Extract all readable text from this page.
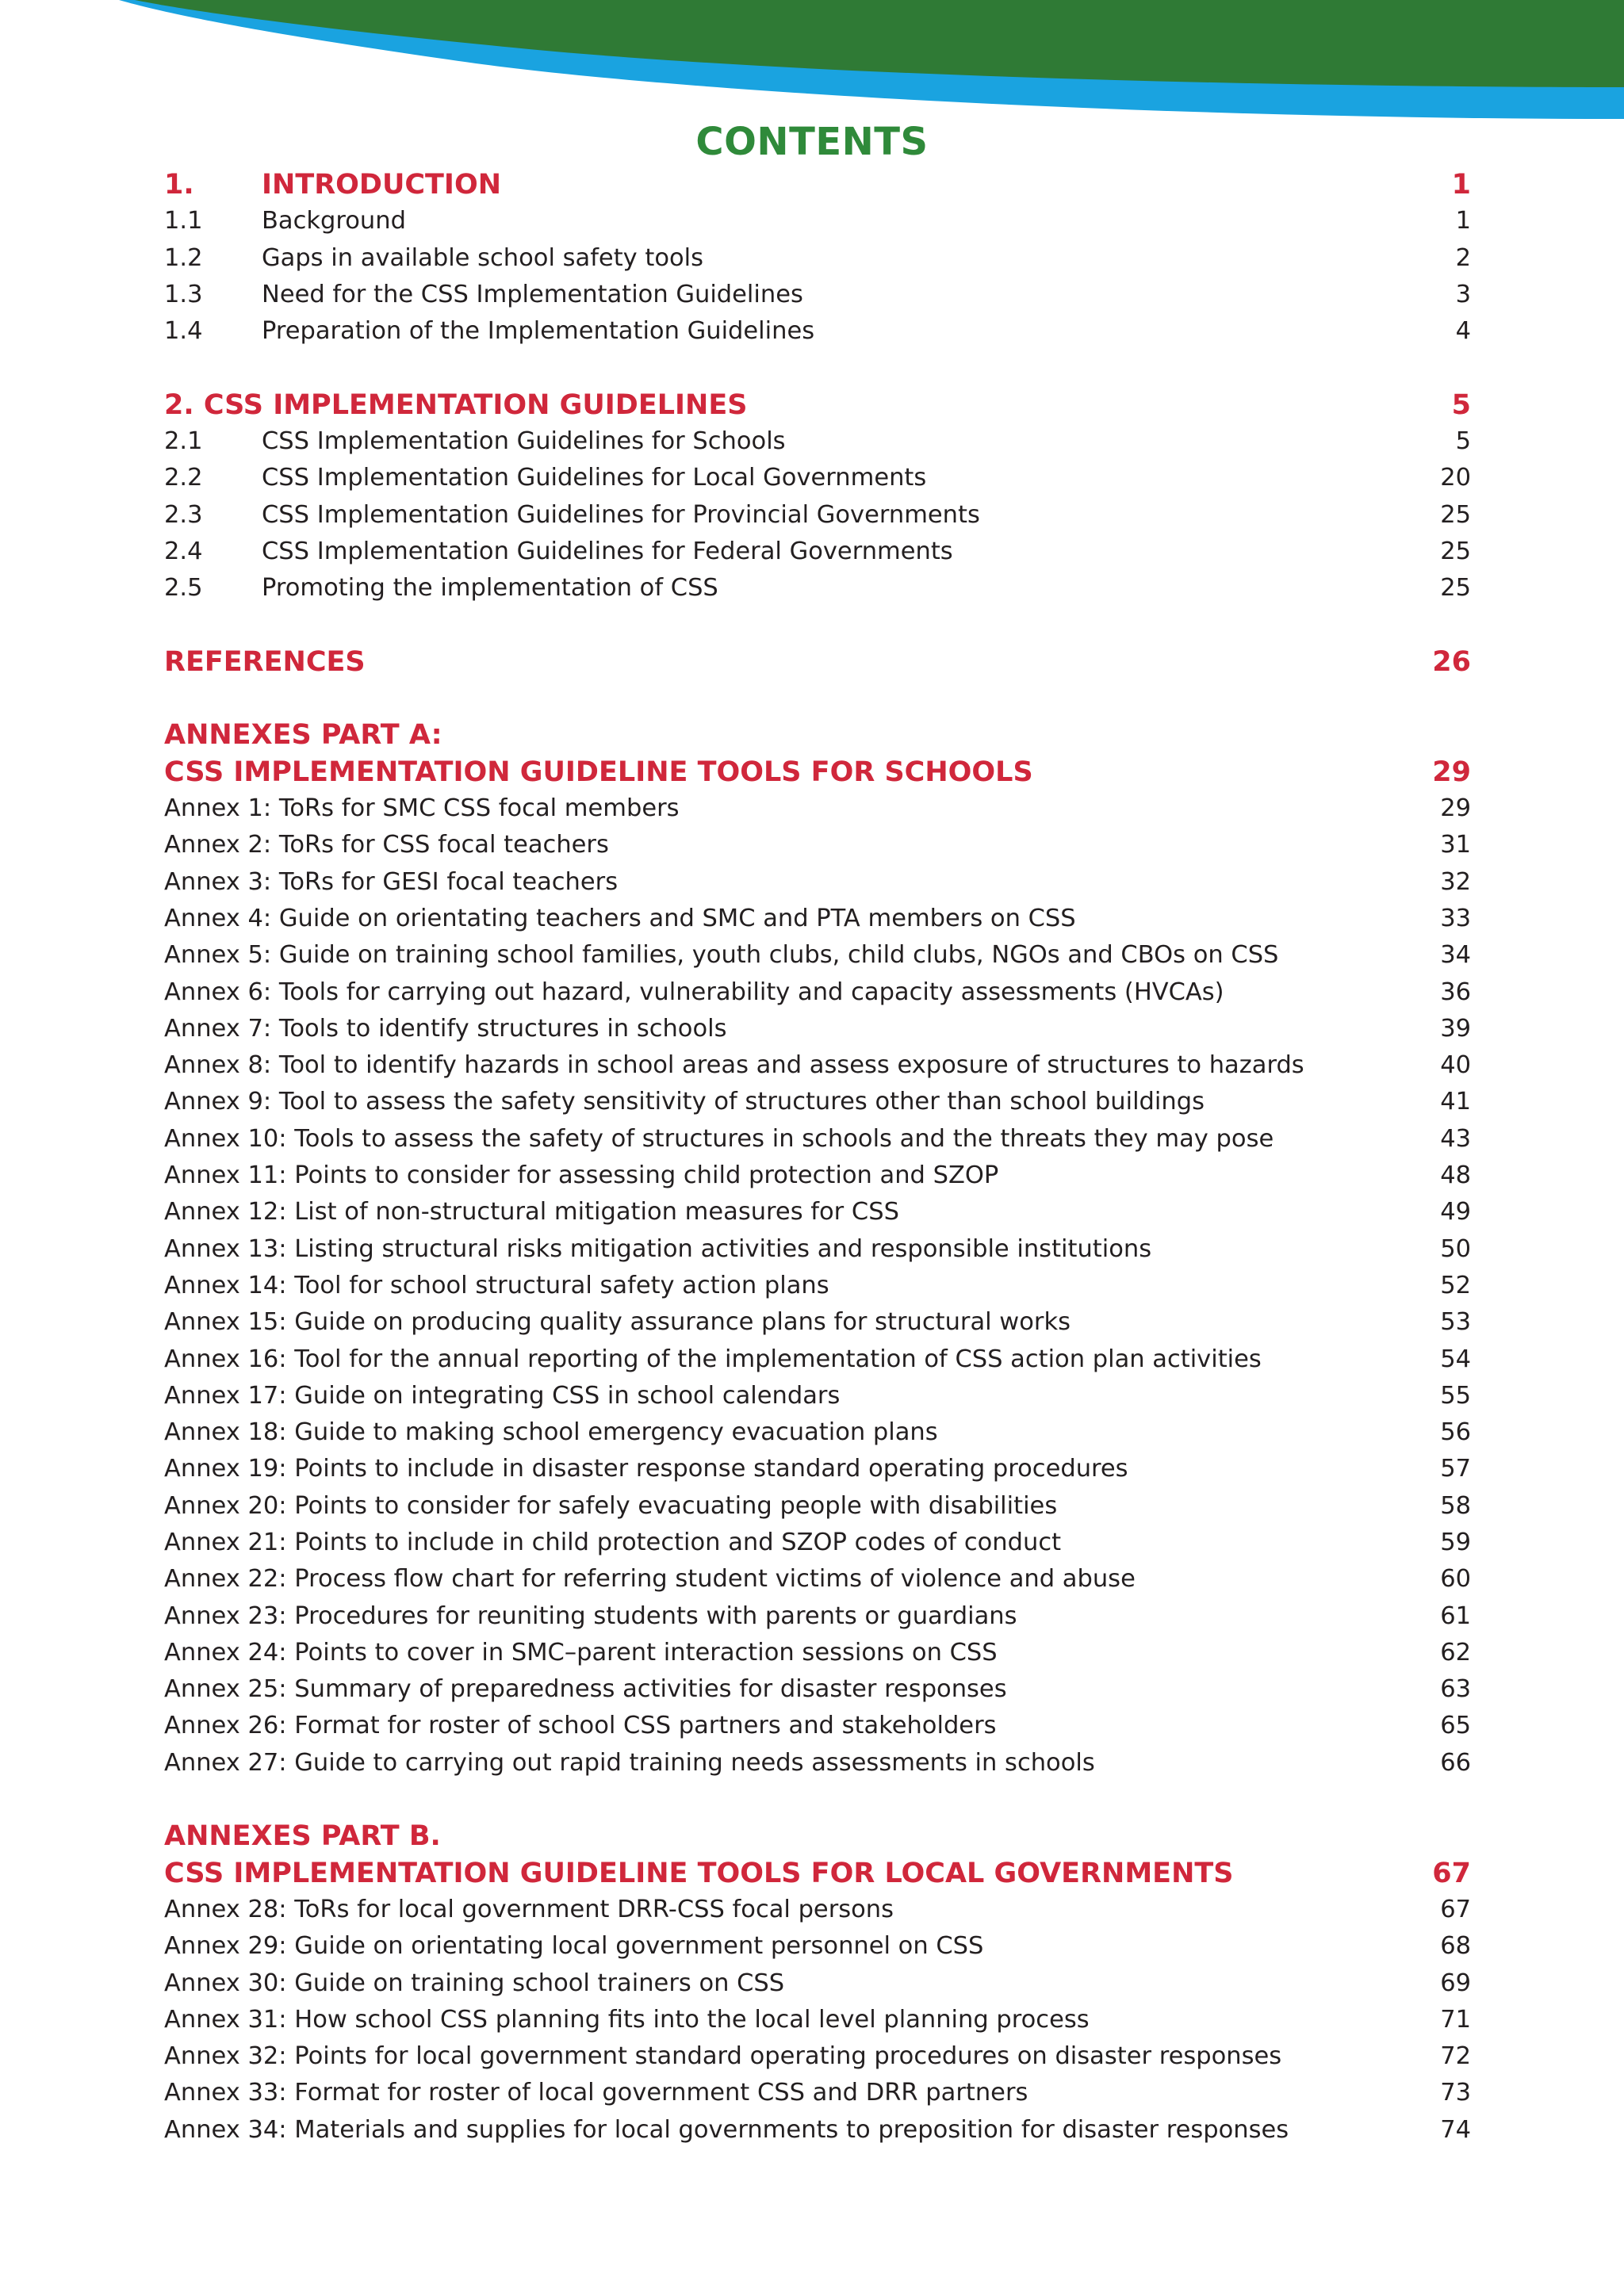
CONTENTS
1. INTRODUCTION	1
1.1 Background	1
1.2 Gaps in available school safety tools	2
1.3 Need for the CSS Implementation Guidelines	3
1.4 Preparation of the Implementation Guidelines	4
2. CSS IMPLEMENTATION GUIDELINES	5
2.1 CSS Implementation Guidelines for Schools	5
2.2 CSS Implementation Guidelines for Local Governments	20
2.3 CSS Implementation Guidelines for Provincial Governments	25
2.4 CSS Implementation Guidelines for Federal Governments	25
2.5 Promoting the implementation of CSS	25
REFERENCES	26
ANNEXES PART A:
CSS IMPLEMENTATION GUIDELINE TOOLS FOR SCHOOLS	29
Annex 1: ToRs for SMC CSS focal members	29
Annex 2: ToRs for CSS focal teachers	31
Annex 3: ToRs for GESI focal teachers	32
Annex 4: Guide on orientating teachers and SMC and PTA members on CSS	33
Annex 5: Guide on training school families, youth clubs, child clubs, NGOs and CBOs on CSS	34
Annex 6: Tools for carrying out hazard, vulnerability and capacity assessments (HVCAs)	36
Annex 7: Tools to identify structures in schools	39
Annex 8: Tool to identify hazards in school areas and assess exposure of structures to hazards	40
Annex 9: Tool to assess the safety sensitivity of structures other than school buildings	41
Annex 10: Tools to assess the safety of structures in schools and the threats they may pose	43
Annex 11: Points to consider for assessing child protection and SZOP	48
Annex 12: List of non-structural mitigation measures for CSS	49
Annex 13: Listing structural risks mitigation activities and responsible institutions	50
Annex 14: Tool for school structural safety action plans	52
Annex 15: Guide on producing quality assurance plans for structural works	53
Annex 16: Tool for the annual reporting of the implementation of CSS action plan activities	54
Annex 17: Guide on integrating CSS in school calendars	55
Annex 18: Guide to making school emergency evacuation plans	56
Annex 19: Points to include in disaster response standard operating procedures	57
Annex 20: Points to consider for safely evacuating people with disabilities	58
Annex 21: Points to include in child protection and SZOP codes of conduct	59
Annex 22: Process flow chart for referring student victims of violence and abuse	60
Annex 23: Procedures for reuniting students with parents or guardians	61
Annex 24: Points to cover in SMC–parent interaction sessions on CSS	62
Annex 25: Summary of preparedness activities for disaster responses	63
Annex 26: Format for roster of school CSS partners and stakeholders	65
Annex 27: Guide to carrying out rapid training needs assessments in schools	66
ANNEXES PART B.
CSS IMPLEMENTATION GUIDELINE TOOLS FOR LOCAL GOVERNMENTS	67
Annex 28: ToRs for local government DRR-CSS focal persons	67
Annex 29: Guide on orientating local government personnel on CSS	68
Annex 30: Guide on training school trainers on CSS	69
Annex 31: How school CSS planning fits into the local level planning process	71
Annex 32: Points for local government standard operating procedures on disaster responses	72
Annex 33: Format for roster of local government CSS and DRR partners	73
Annex 34: Materials and supplies for local governments to preposition for disaster responses	74
